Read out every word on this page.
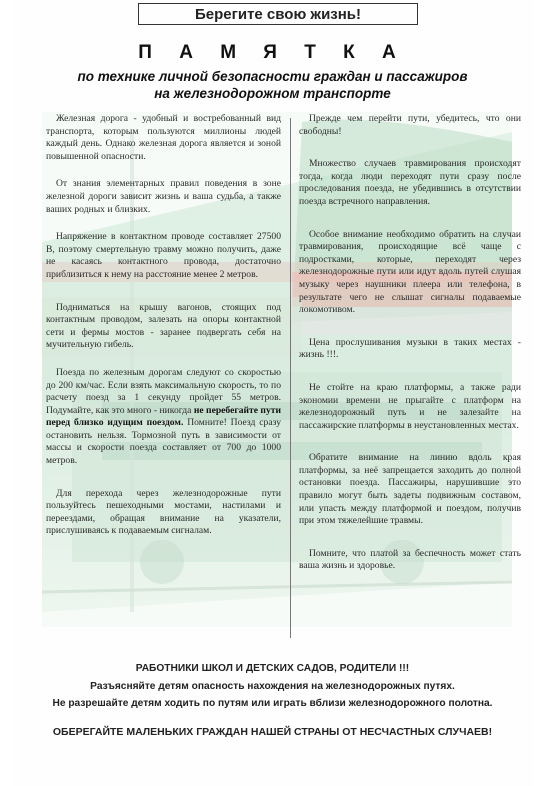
Берегите свою жизнь!
П А М Я Т К А
по технике личной безопасности граждан и пассажиров
на железнодорожном транспорте

Железная дорога - удобный и востребованный вид транспорта, которым пользуются миллионы людей каждый день. Однако железная дорога является и зоной повышенной опасности.

От знания элементарных правил поведения в зоне железной дороги зависит жизнь и ваша судьба, а также ваших родных и близких.

Напряжение в контактном проводе составляет 27500 В, поэтому смертельную травму можно получить, даже не касаясь контактного провода, достаточно приблизиться к нему на расстояние менее 2 метров.

Подниматься на крышу вагонов, стоящих под контактным проводом, залезать на опоры контактной сети и фермы мостов - заранее подвергать себя на мучительную гибель.

Поезда по железным дорогам следуют со скоростью до 200 км/час. Если взять максимальную скорость, то по расчету поезд за 1 секунду пройдет 55 метров. Подумайте, как это много - никогда не перебегайте пути перед близко идущим поездом. Помните! Поезд сразу остановить нельзя. Тормозной путь в зависимости от массы и скорости поезда составляет от 700 до 1000 метров.

Для перехода через железнодорожные пути пользуйтесь пешеходными мостами, настилами и переездами, обращая внимание на указатели, прислушиваясь к подаваемым сигналам.

Прежде чем перейти пути, убедитесь, что они свободны!

Множество случаев травмирования происходят тогда, когда люди переходят пути сразу после проследования поезда, не убедившись в отсутствии поезда встречного направления.

Особое внимание необходимо обратить на случаи травмирования, происходящие всё чаще с подростками, которые, переходят через железнодорожные пути или идут вдоль путей слушая музыку через наушники плеера или телефона, в результате чего не слышат сигналы подаваемые локомотивом.

Цена прослушивания музыки в таких местах - жизнь !!!.

Не стойте на краю платформы, а также ради экономии времени не прыгайте с платформ на железнодорожный путь и не залезайте на пассажирские платформы в неустановленных местах.

Обратите внимание на линию вдоль края платформы, за неё запрещается заходить до полной остановки поезда. Пассажиры, нарушившие это правило могут быть задеты подвижным составом, или упасть между платформой и поездом, получив при этом тяжелейшие травмы.

Помните, что платой за беспечность может стать ваша жизнь и здоровье.

РАБОТНИКИ ШКОЛ И ДЕТСКИХ САДОВ, РОДИТЕЛИ !!!
Разъясняйте детям опасность нахождения на железнодорожных путях.
Не разрешайте детям ходить по путям или играть вблизи железнодорожного полотна.
ОБЕРЕГАЙТЕ МАЛЕНЬКИХ ГРАЖДАН НАШЕЙ СТРАНЫ ОТ НЕСЧАСТНЫХ СЛУЧАЕВ!
